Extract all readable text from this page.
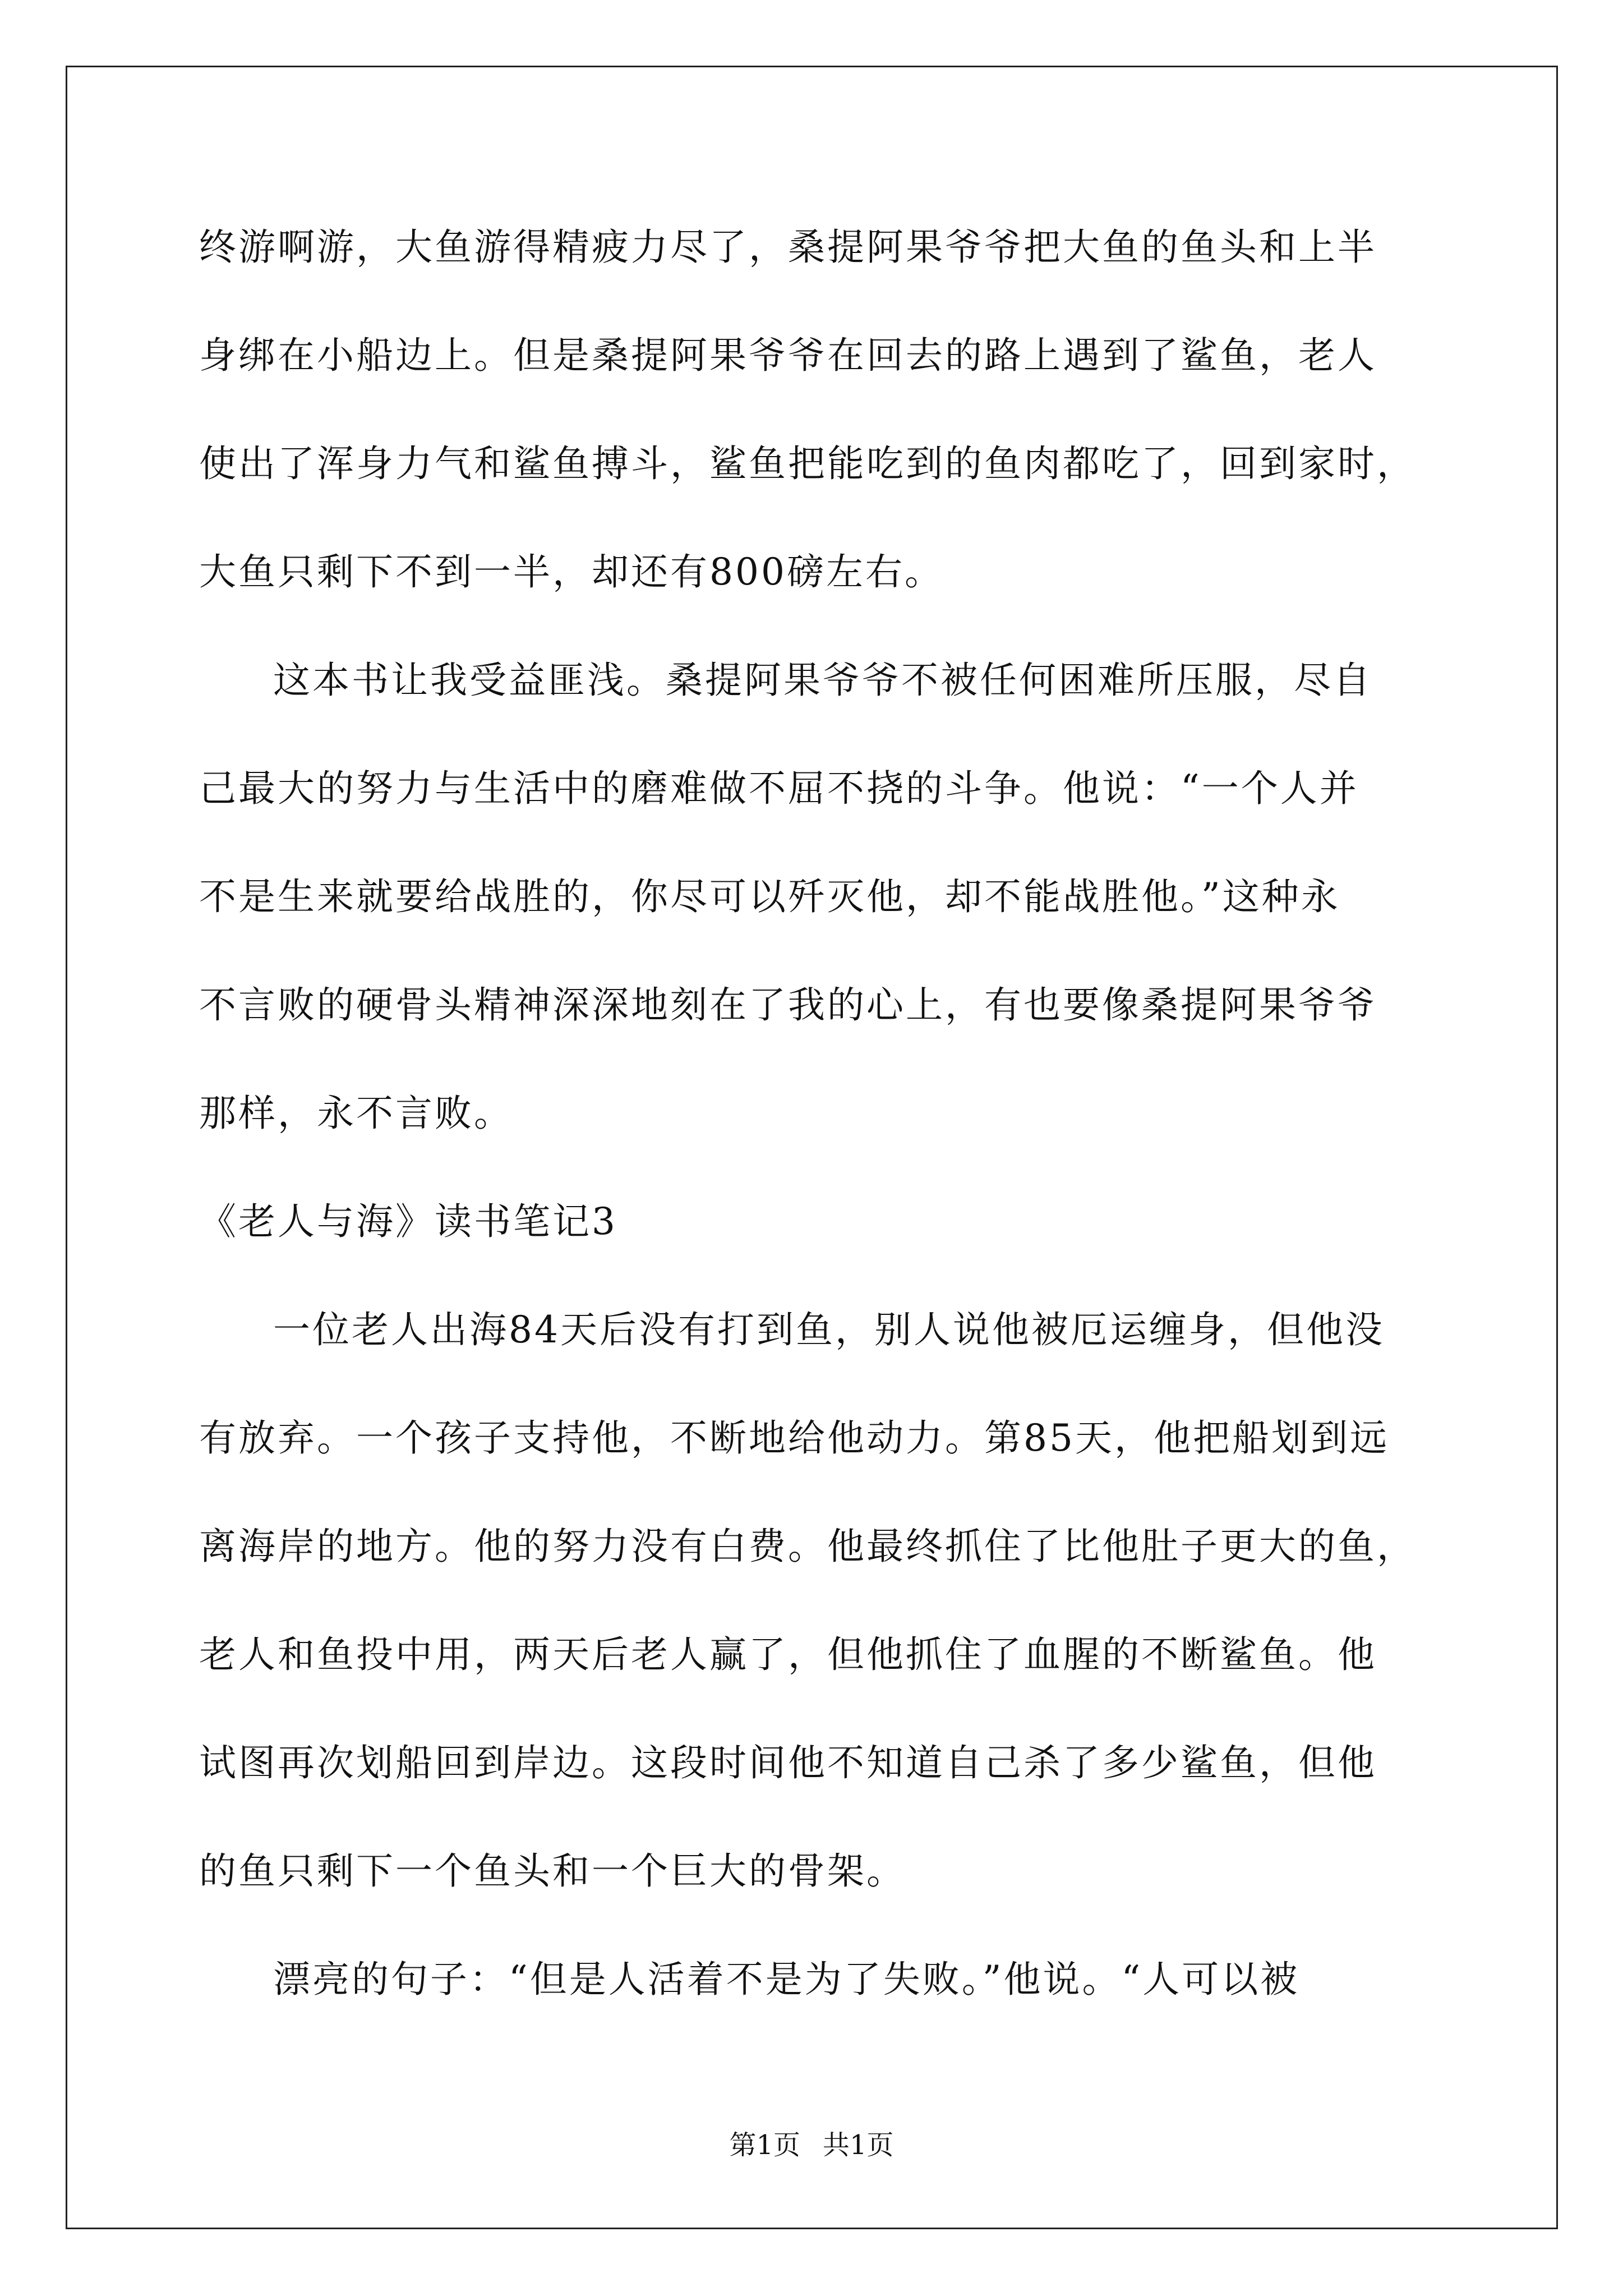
终游啊游，大鱼游得精疲力尽了，桑提阿果爷爷把大鱼的鱼头和上半
身绑在小船边上。但是桑提阿果爷爷在回去的路上遇到了鲨鱼，老人
使出了浑身力气和鲨鱼搏斗，鲨鱼把能吃到的鱼肉都吃了，回到家时，
大鱼只剩下不到一半，却还有800磅左右。
这本书让我受益匪浅。桑提阿果爷爷不被任何困难所压服，尽自
己最大的努力与生活中的磨难做不屈不挠的斗争。他说：“一个人并
不是生来就要给战胜的，你尽可以歼灭他，却不能战胜他。”这种永
不言败的硬骨头精神深深地刻在了我的心上，有也要像桑提阿果爷爷
那样，永不言败。
《老人与海》读书笔记3
一位老人出海84天后没有打到鱼，别人说他被厄运缠身，但他没
有放弃。一个孩子支持他，不断地给他动力。第85天，他把船划到远
离海岸的地方。他的努力没有白费。他最终抓住了比他肚子更大的鱼，
老人和鱼投中用，两天后老人赢了，但他抓住了血腥的不断鲨鱼。他
试图再次划船回到岸边。这段时间他不知道自己杀了多少鲨鱼，但他
的鱼只剩下一个鱼头和一个巨大的骨架。
漂亮的句子：“但是人活着不是为了失败。”他说。“人可以被
第1页 共1页
